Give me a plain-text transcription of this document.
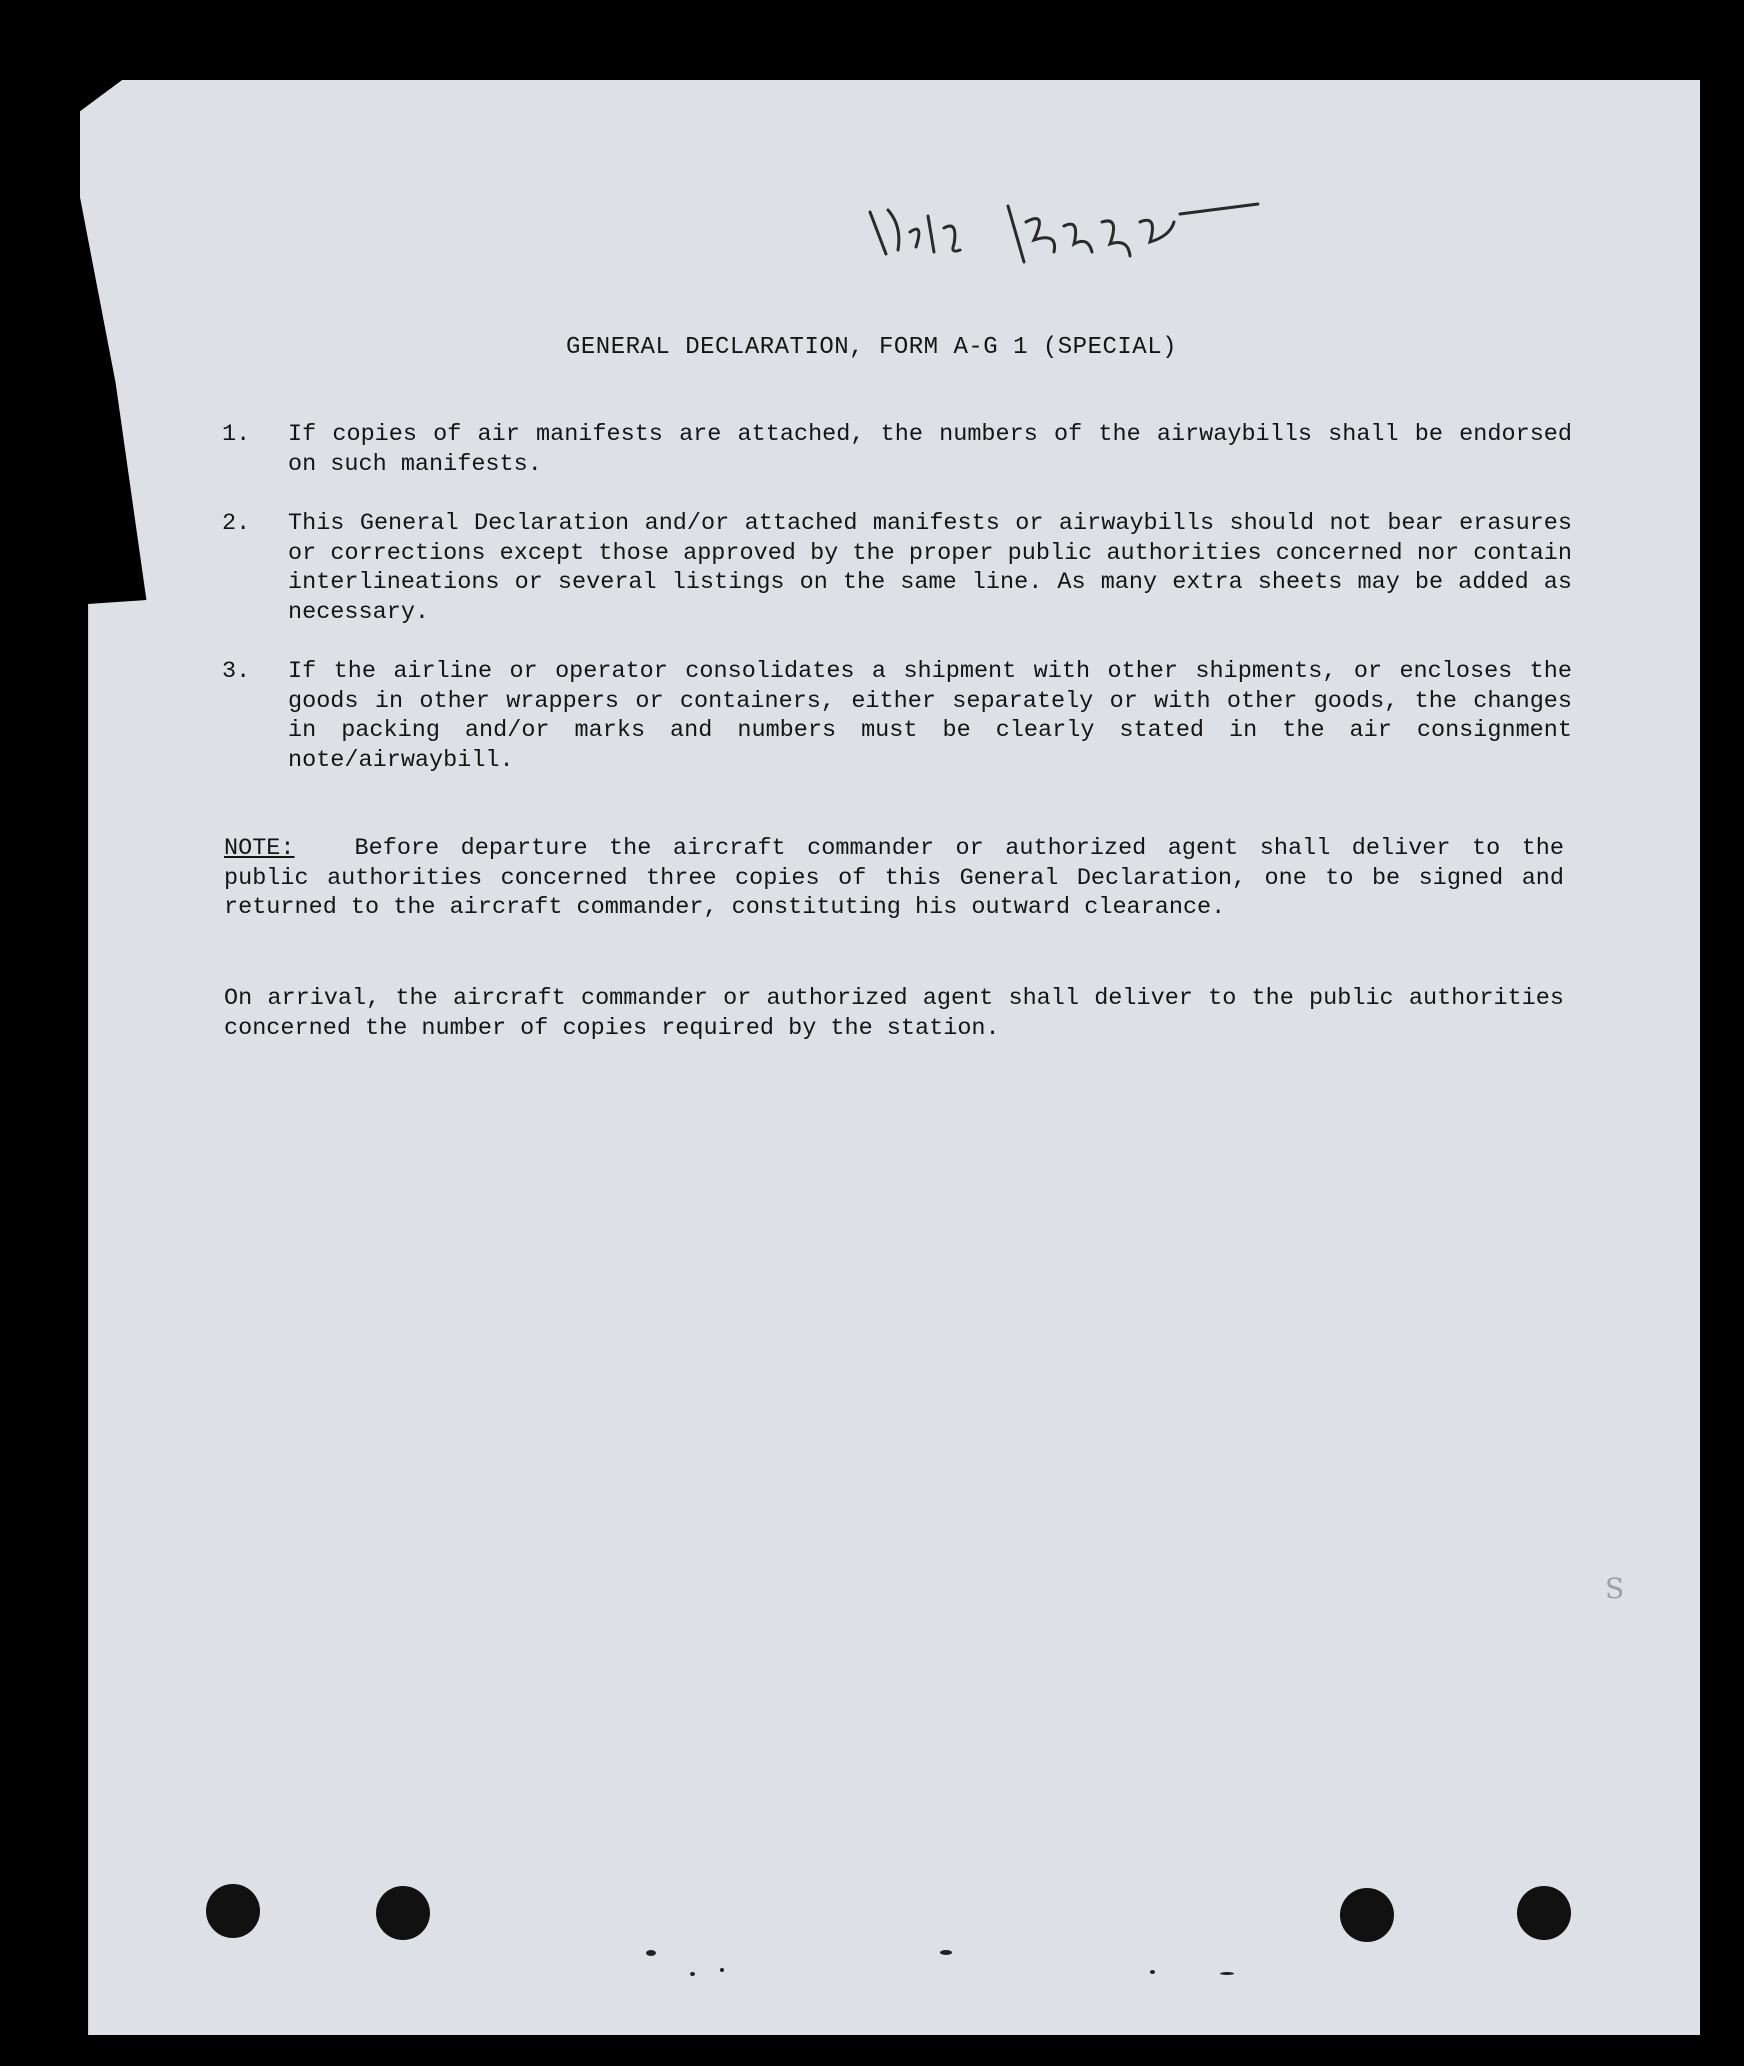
GENERAL DECLARATION, FORM A-G 1 (SPECIAL)
1. If copies of air manifests are attached, the numbers of the airwaybills shall be endorsed on such manifests.
2. This General Declaration and/or attached manifests or airwaybills should not bear erasures or corrections except those approved by the proper public authorities concerned nor contain interlineations or several listings on the same line. As many extra sheets may be added as necessary.
3. If the airline or operator consolidates a shipment with other shipments, or encloses the goods in other wrappers or containers, either separately or with other goods, the changes in packing and/or marks and numbers must be clearly stated in the air consignment note/airwaybill.

NOTE:	Before departure the aircraft commander or authorized agent shall deliver to the public authorities concerned three copies of this General Declaration, one to be signed and returned to the aircraft commander, constituting his outward clearance.

On arrival, the aircraft commander or authorized agent shall deliver to the public authorities concerned the number of copies required by the station.

S
